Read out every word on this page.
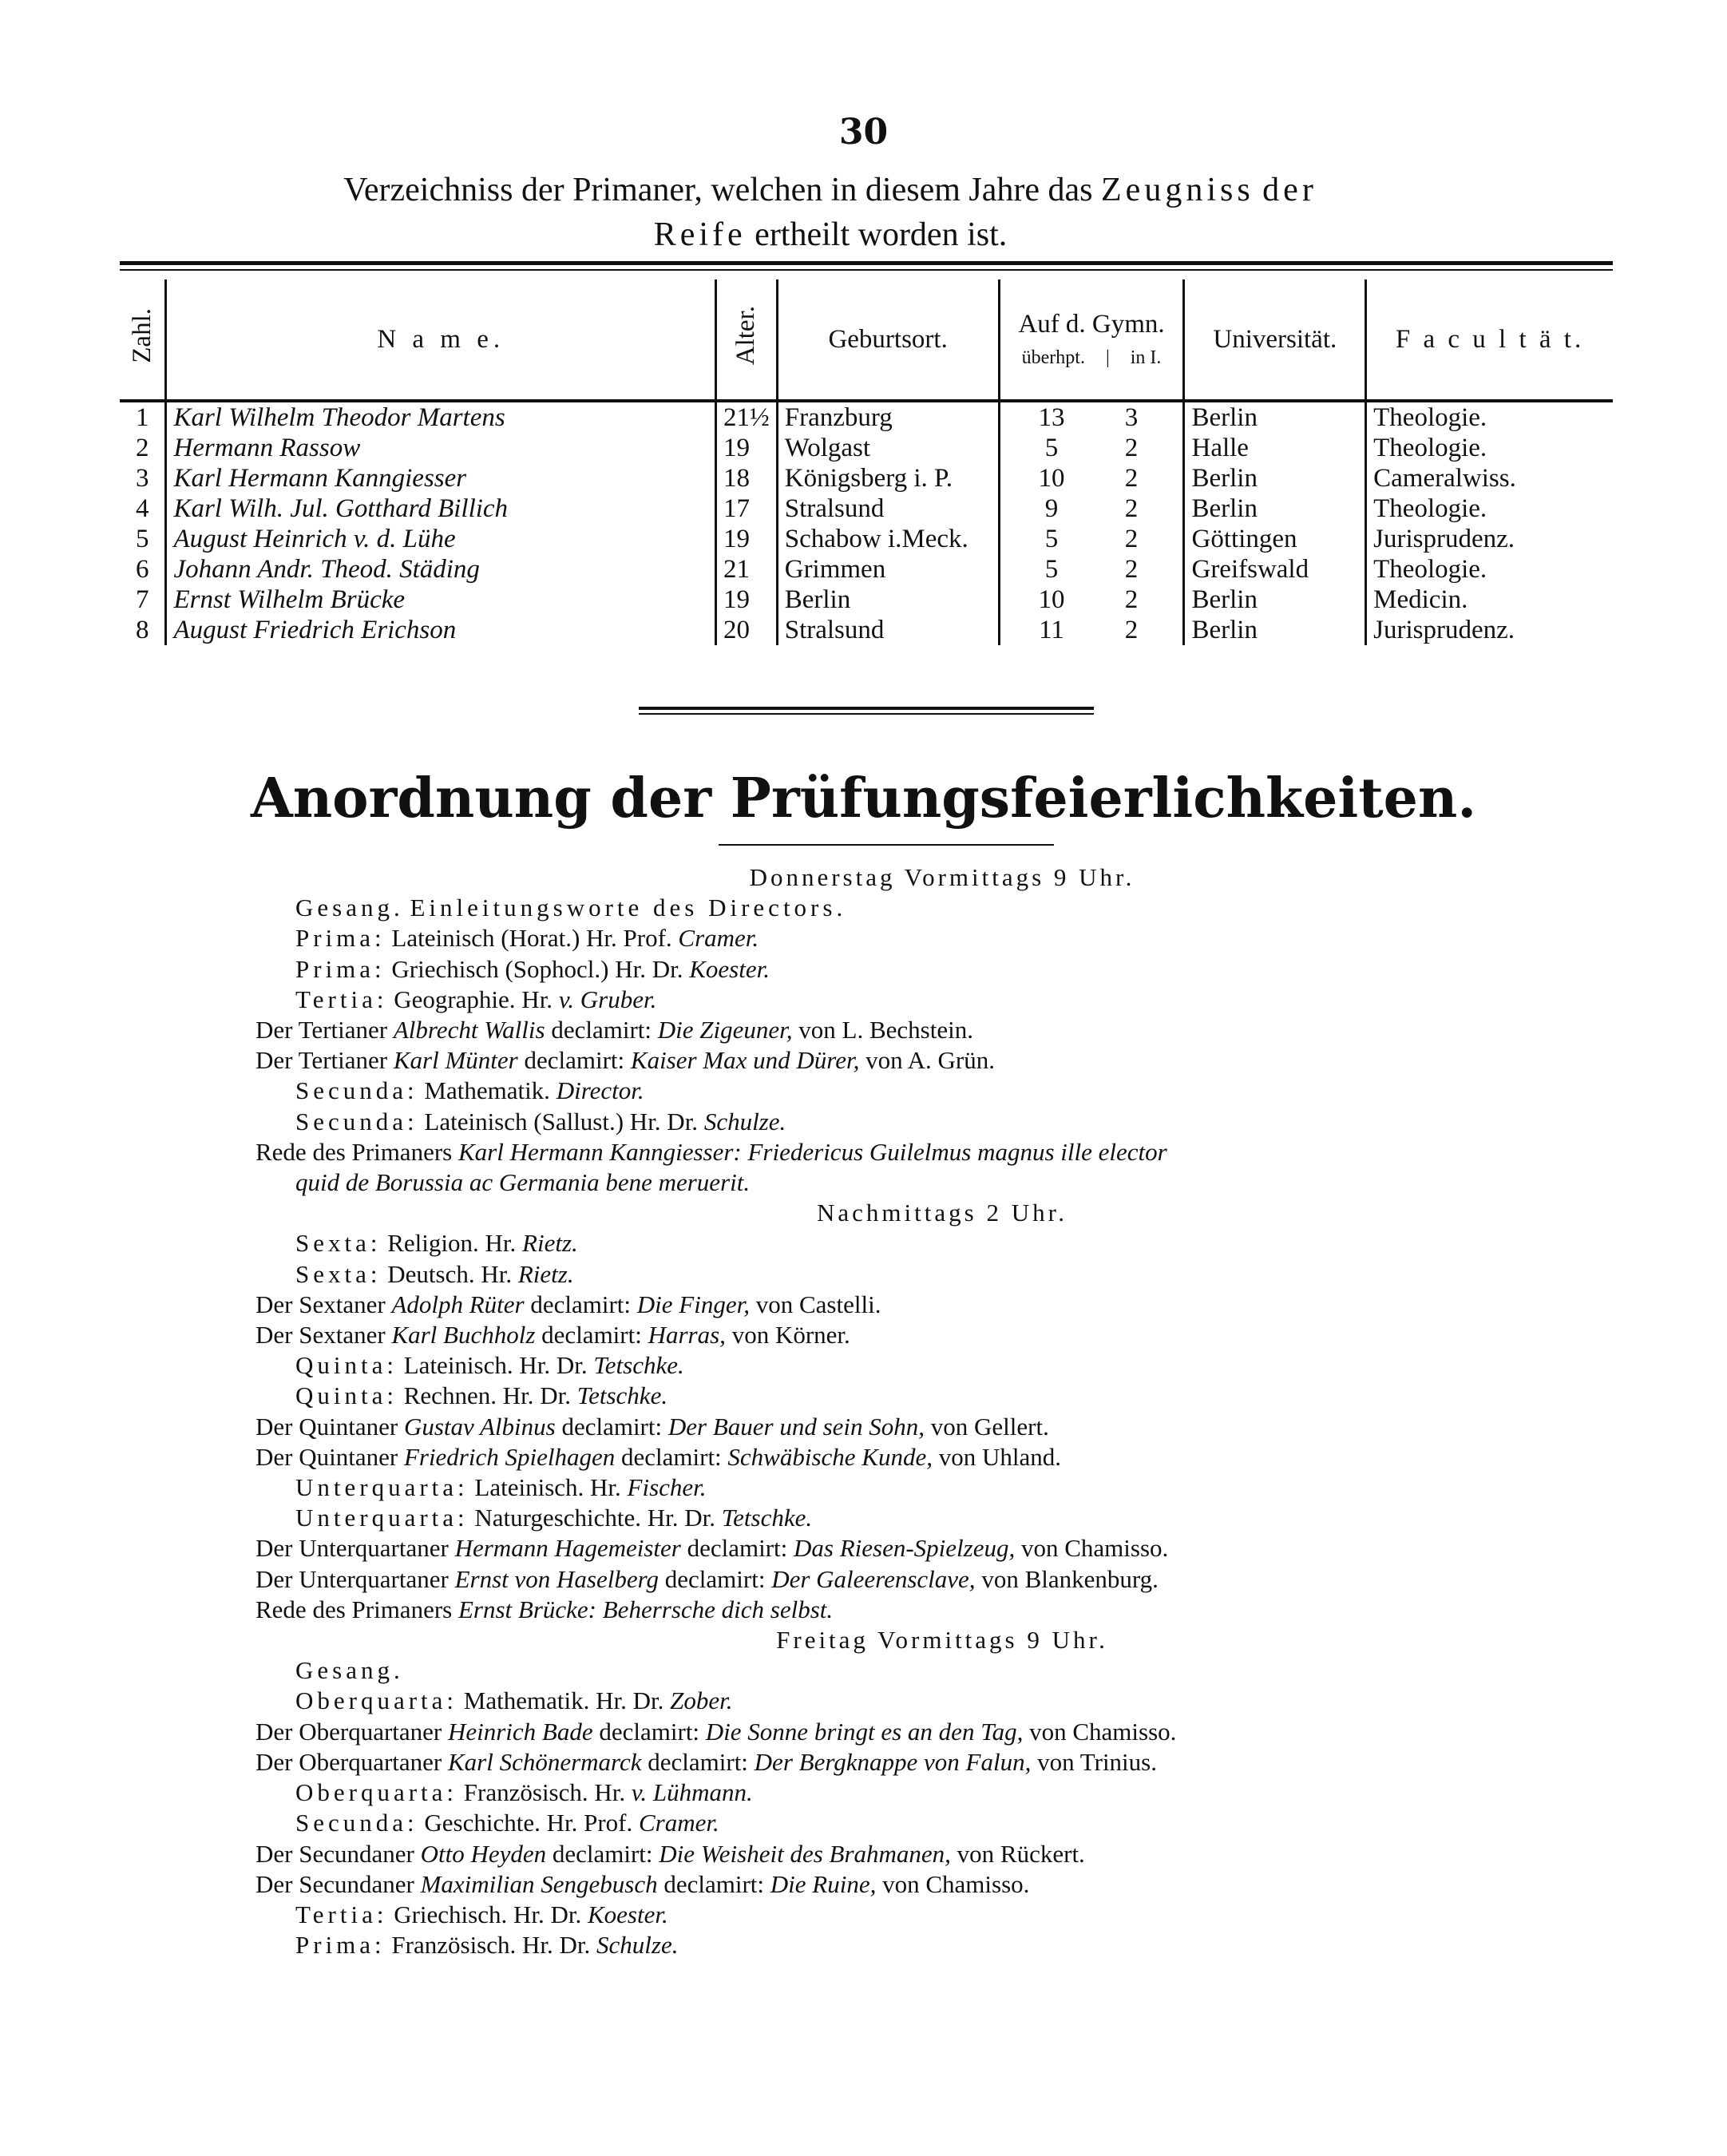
30
Verzeichniss der Primaner, welchen in diesem Jahre das Zeugniss der
Reife ertheilt worden ist.
Zahl.	N a m e.	Alter.	Geburtsort.	Auf d. Gymn.
überhpt. | in I.	Universität.	F a c u l t ä t.
1	Karl Wilhelm Theodor Martens	21½	Franzburg	13 3	Berlin	Theologie.
2	Hermann Rassow	19	Wolgast	5 2	Halle	Theologie.
3	Karl Hermann Kanngiesser	18	Königsberg i. P.	10 2	Berlin	Cameralwiss.
4	Karl Wilh. Jul. Gotthard Billich	17	Stralsund	9 2	Berlin	Theologie.
5	August Heinrich v. d. Lühe	19	Schabow i.Meck.	5 2	Göttingen	Jurisprudenz.
6	Johann Andr. Theod. Städing	21	Grimmen	5 2	Greifswald	Theologie.
7	Ernst Wilhelm Brücke	19	Berlin	10 2	Berlin	Medicin.
8	August Friedrich Erichson	20	Stralsund	11 2	Berlin	Jurisprudenz.
Anordnung der Prüfungsfeierlichkeiten.
Donnerstag Vormittags 9 Uhr.
Gesang. Einleitungsworte des Directors.
Prima: Lateinisch (Horat.) Hr. Prof. Cramer.
Prima: Griechisch (Sophocl.) Hr. Dr. Koester.
Tertia: Geographie. Hr. v. Gruber.
Der Tertianer Albrecht Wallis declamirt: Die Zigeuner, von L. Bechstein.
Der Tertianer Karl Münter declamirt: Kaiser Max und Dürer, von A. Grün.
Secunda: Mathematik. Director.
Secunda: Lateinisch (Sallust.) Hr. Dr. Schulze.
Rede des Primaners Karl Hermann Kanngiesser: Friedericus Guilelmus magnus ille elector
quid de Borussia ac Germania bene meruerit.
Nachmittags 2 Uhr.
Sexta: Religion. Hr. Rietz.
Sexta: Deutsch. Hr. Rietz.
Der Sextaner Adolph Rüter declamirt: Die Finger, von Castelli.
Der Sextaner Karl Buchholz declamirt: Harras, von Körner.
Quinta: Lateinisch. Hr. Dr. Tetschke.
Quinta: Rechnen. Hr. Dr. Tetschke.
Der Quintaner Gustav Albinus declamirt: Der Bauer und sein Sohn, von Gellert.
Der Quintaner Friedrich Spielhagen declamirt: Schwäbische Kunde, von Uhland.
Unterquarta: Lateinisch. Hr. Fischer.
Unterquarta: Naturgeschichte. Hr. Dr. Tetschke.
Der Unterquartaner Hermann Hagemeister declamirt: Das Riesen-Spielzeug, von Chamisso.
Der Unterquartaner Ernst von Haselberg declamirt: Der Galeerensclave, von Blankenburg.
Rede des Primaners Ernst Brücke: Beherrsche dich selbst.
Freitag Vormittags 9 Uhr.
Gesang.
Oberquarta: Mathematik. Hr. Dr. Zober.
Der Oberquartaner Heinrich Bade declamirt: Die Sonne bringt es an den Tag, von Chamisso.
Der Oberquartaner Karl Schönermarck declamirt: Der Bergknappe von Falun, von Trinius.
Oberquarta: Französisch. Hr. v. Lühmann.
Secunda: Geschichte. Hr. Prof. Cramer.
Der Secundaner Otto Heyden declamirt: Die Weisheit des Brahmanen, von Rückert.
Der Secundaner Maximilian Sengebusch declamirt: Die Ruine, von Chamisso.
Tertia: Griechisch. Hr. Dr. Koester.
Prima: Französisch. Hr. Dr. Schulze.
